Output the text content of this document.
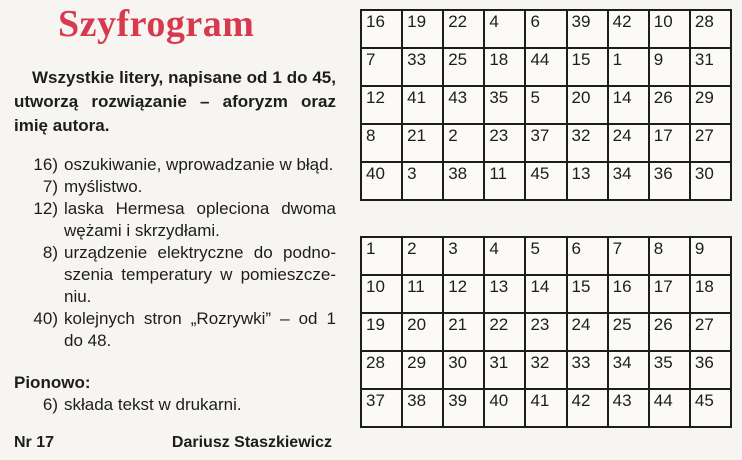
Szyfrogram
Wszystkie litery, napisane od 1 do 45, utworzą rozwiązanie – aforyzm oraz imię autora.
16) oszukiwanie, wprowadzanie w błąd.
7) myślistwo.
12) laska Hermesa opleciona dwoma wężami i skrzydłami.
8) urządzenie elektryczne do podno-szenia temperatury w pomieszcze-niu.
40) kolejnych stron „Rozrywki” – od 1 do 48.
Pionowo:
6) składa tekst w drukarni.
Nr 17	Dariusz Staszkiewicz
16	19	22	4	6	39	42	10	28
7	33	25	18	44	15	1	9	31
12	41	43	35	5	20	14	26	29
8	21	2	23	37	32	24	17	27
40	3	38	11	45	13	34	36	30
1	2	3	4	5	6	7	8	9
10	11	12	13	14	15	16	17	18
19	20	21	22	23	24	25	26	27
28	29	30	31	32	33	34	35	36
37	38	39	40	41	42	43	44	45
